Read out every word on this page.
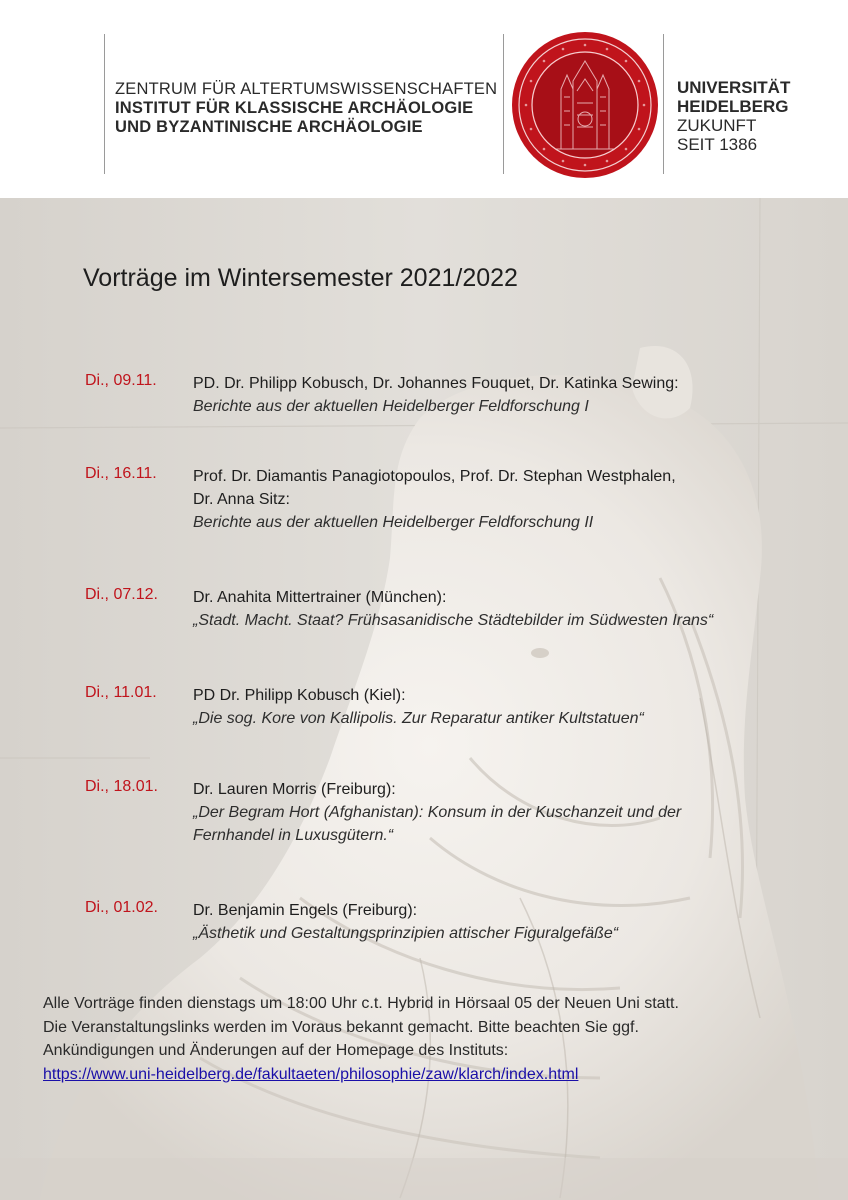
ZENTRUM FÜR ALTERTUMSWISSENSCHAFTEN
INSTITUT FÜR KLASSISCHE ARCHÄOLOGIE
UND BYZANTINISCHE ARCHÄOLOGIE
UNIVERSITÄT
HEIDELBERG
ZUKUNFT
SEIT 1386
Vorträge im Wintersemester 2021/2022
Di., 09.11. PD. Dr. Philipp Kobusch, Dr. Johannes Fouquet, Dr. Katinka Sewing:
Berichte aus der aktuellen Heidelberger Feldforschung I
Di., 16.11. Prof. Dr. Diamantis Panagiotopoulos, Prof. Dr. Stephan Westphalen,
Dr. Anna Sitz:
Berichte aus der aktuellen Heidelberger Feldforschung II
Di., 07.12. Dr. Anahita Mittertrainer (München):
„Stadt. Macht. Staat? Frühsasanidische Städtebilder im Südwesten Irans“
Di., 11.01. PD Dr. Philipp Kobusch (Kiel):
„Die sog. Kore von Kallipolis. Zur Reparatur antiker Kultstatuen“
Di., 18.01. Dr. Lauren Morris (Freiburg):
„Der Begram Hort (Afghanistan): Konsum in der Kuschanzeit und der
Fernhandel in Luxusgütern.“
Di., 01.02. Dr. Benjamin Engels (Freiburg):
„Ästhetik und Gestaltungsprinzipien attischer Figuralgefäße“
Alle Vorträge finden dienstags um 18:00 Uhr c.t. Hybrid in Hörsaal 05 der Neuen Uni statt.
Die Veranstaltungslinks werden im Voraus bekannt gemacht. Bitte beachten Sie ggf.
Ankündigungen und Änderungen auf der Homepage des Instituts:
https://www.uni-heidelberg.de/fakultaeten/philosophie/zaw/klarch/index.html
